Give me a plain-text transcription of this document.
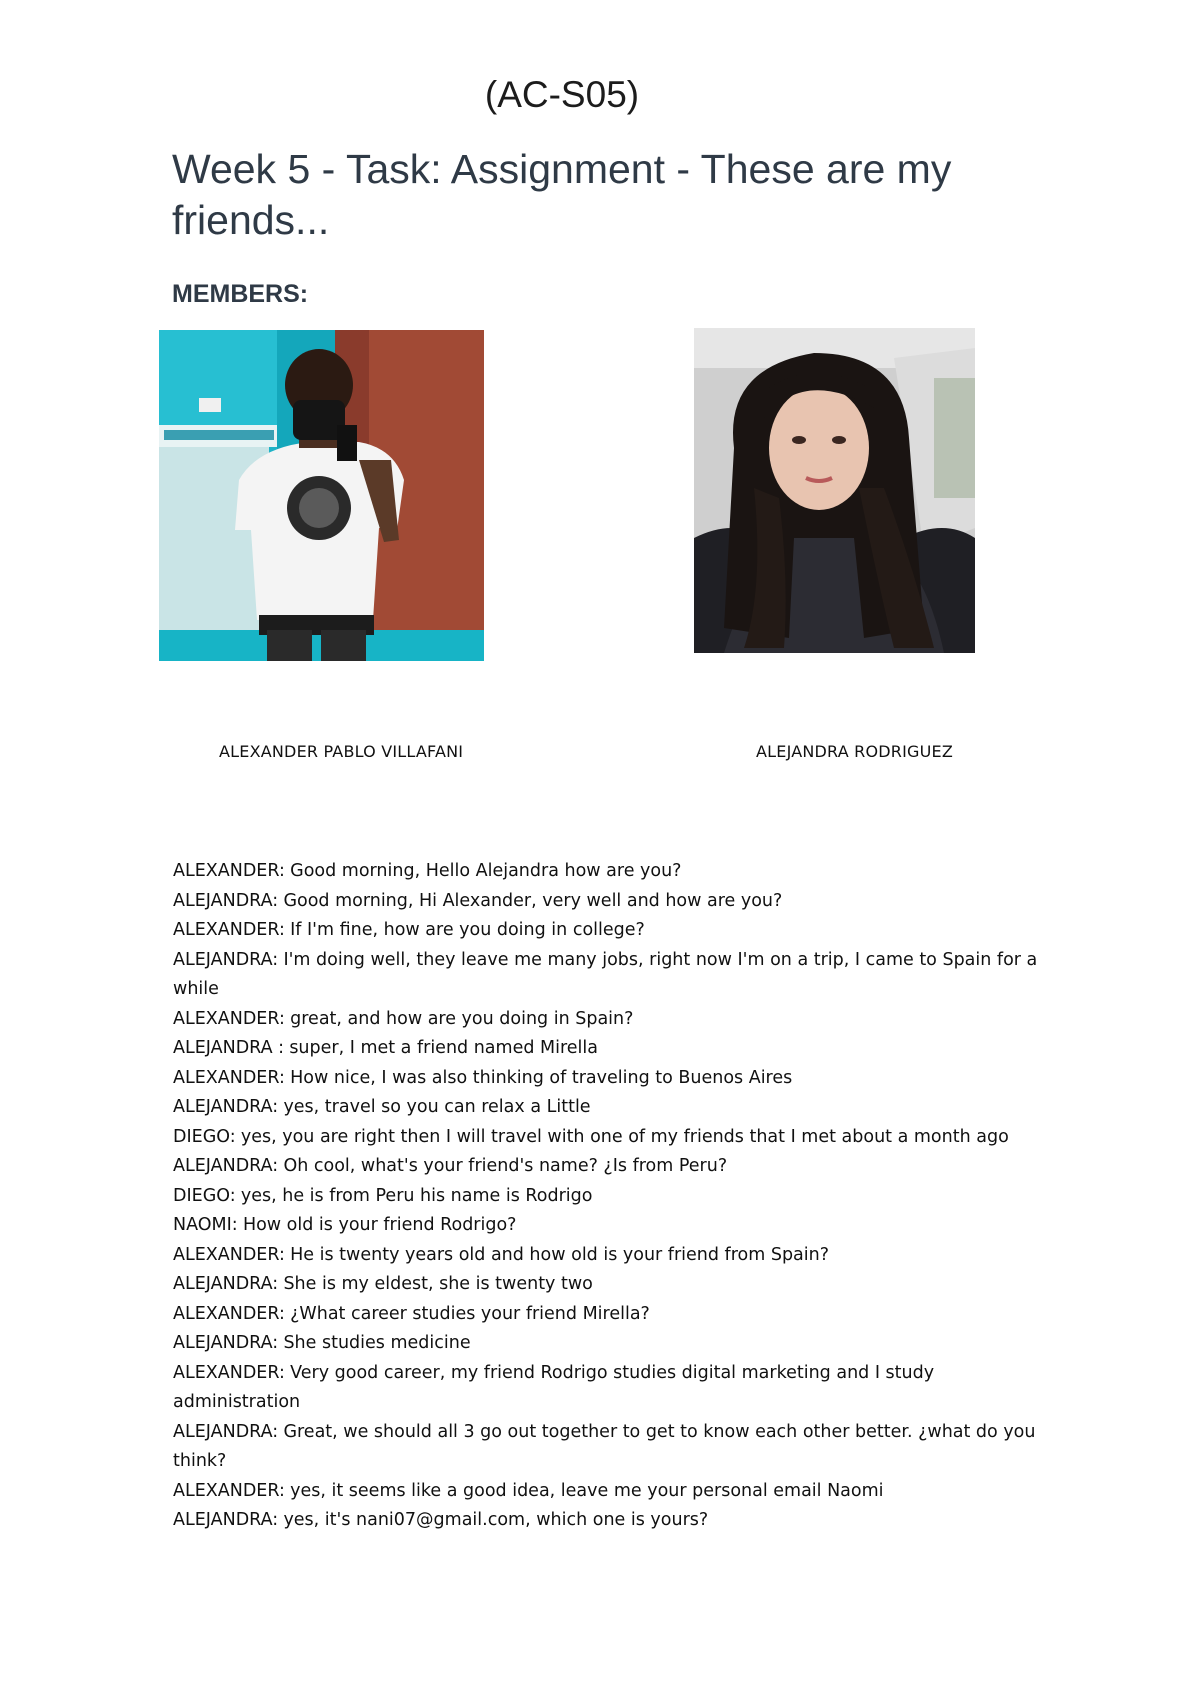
(AC-S05)
Week 5 - Task: Assignment - These are my friends...
MEMBERS:
ALEXANDER PABLO VILLAFANI	ALEJANDRA RODRIGUEZ
ALEXANDER: Good morning, Hello Alejandra how are you?
ALEJANDRA: Good morning, Hi Alexander, very well and how are you?
ALEXANDER: If I'm fine, how are you doing in college?
ALEJANDRA: I'm doing well, they leave me many jobs, right now I'm on a trip, I came to Spain for a while
ALEXANDER: great, and how are you doing in Spain?
ALEJANDRA : super, I met a friend named Mirella
ALEXANDER: How nice, I was also thinking of traveling to Buenos Aires
ALEJANDRA: yes, travel so you can relax a Little
DIEGO: yes, you are right then I will travel with one of my friends that I met about a month ago
ALEJANDRA: Oh cool, what's your friend's name? ¿Is from Peru?
DIEGO: yes, he is from Peru his name is Rodrigo
NAOMI: How old is your friend Rodrigo?
ALEXANDER: He is twenty years old and how old is your friend from Spain?
ALEJANDRA: She is my eldest, she is twenty two
ALEXANDER: ¿What career studies your friend Mirella?
ALEJANDRA: She studies medicine
ALEXANDER: Very good career, my friend Rodrigo studies digital marketing and I study administration
ALEJANDRA: Great, we should all 3 go out together to get to know each other better. ¿what do you think?
ALEXANDER: yes, it seems like a good idea, leave me your personal email Naomi
ALEJANDRA: yes, it's nani07@gmail.com, which one is yours?
